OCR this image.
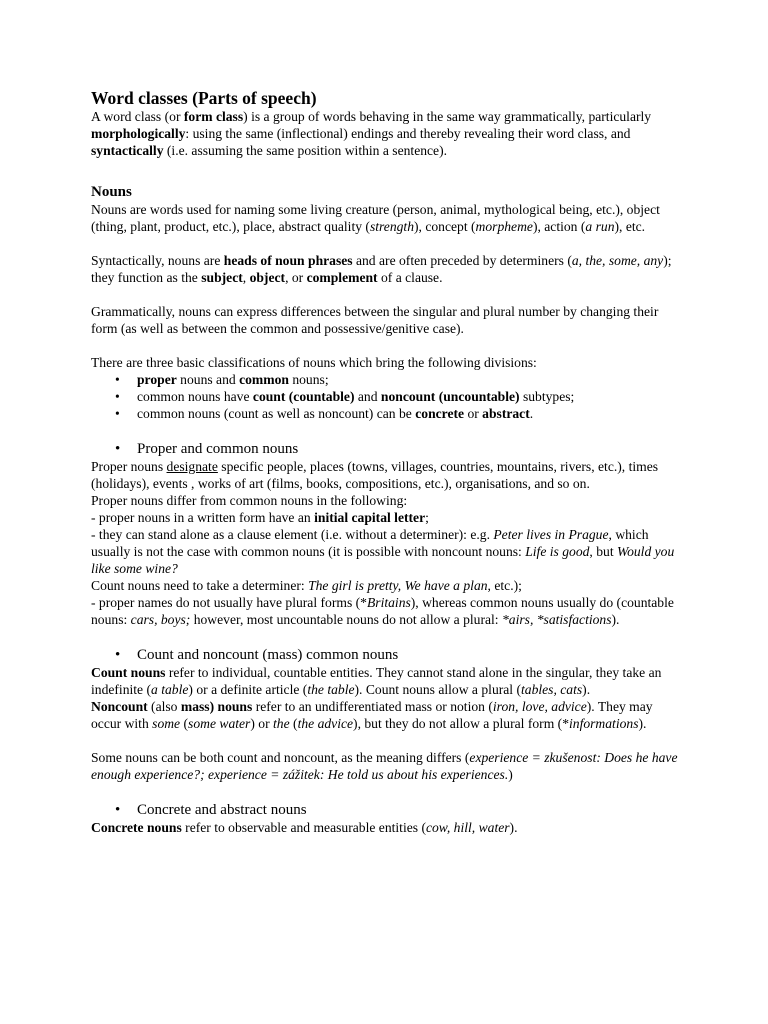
Word classes (Parts of speech)

A word class (or form class) is a group of words behaving in the same way grammatically, particularly morphologically: using the same (inflectional) endings and thereby revealing their word class, and syntactically (i.e. assuming the same position within a sentence).

Nouns

Nouns are words used for naming some living creature (person, animal, mythological being, etc.), object (thing, plant, product, etc.), place, abstract quality (strength), concept (morpheme), action (a run), etc.

Syntactically, nouns are heads of noun phrases and are often preceded by determiners (a, the, some, any); they function as the subject, object, or complement of a clause.

Grammatically, nouns can express differences between the singular and plural number by changing their form (as well as between the common and possessive/genitive case).

There are three basic classifications of nouns which bring the following divisions:

• proper nouns and common nouns;
• common nouns have count (countable) and noncount (uncountable) subtypes;
• common nouns (count as well as noncount) can be concrete or abstract.
• Proper and common nouns

Proper nouns designate specific people, places (towns, villages, countries, mountains, rivers, etc.), times (holidays), events , works of art (films, books, compositions, etc.), organisations, and so on.

Proper nouns differ from common nouns in the following:

- proper nouns in a written form have an initial capital letter;

- they can stand alone as a clause element (i.e. without a determiner): e.g. Peter lives in Prague, which usually is not the case with common nouns (it is possible with noncount nouns: Life is good, but Would you like some wine?

Count nouns need to take a determiner: The girl is pretty, We have a plan, etc.);

- proper names do not usually have plural forms (*Britains), whereas common nouns usually do (countable nouns: cars, boys; however, most uncountable nouns do not allow a plural: *airs, *satisfactions).

• Count and noncount (mass) common nouns

Count nouns refer to individual, countable entities. They cannot stand alone in the singular, they take an indefinite (a table) or a definite article (the table). Count nouns allow a plural (tables, cats).

Noncount (also mass) nouns refer to an undifferentiated mass or notion (iron, love, advice). They may occur with some (some water) or the (the advice), but they do not allow a plural form (*informations).

Some nouns can be both count and noncount, as the meaning differs (experience = zkušenost: Does he have enough experience?; experience = zážitek: He told us about his experiences.)

• Concrete and abstract nouns

Concrete nouns refer to observable and measurable entities (cow, hill, water).
